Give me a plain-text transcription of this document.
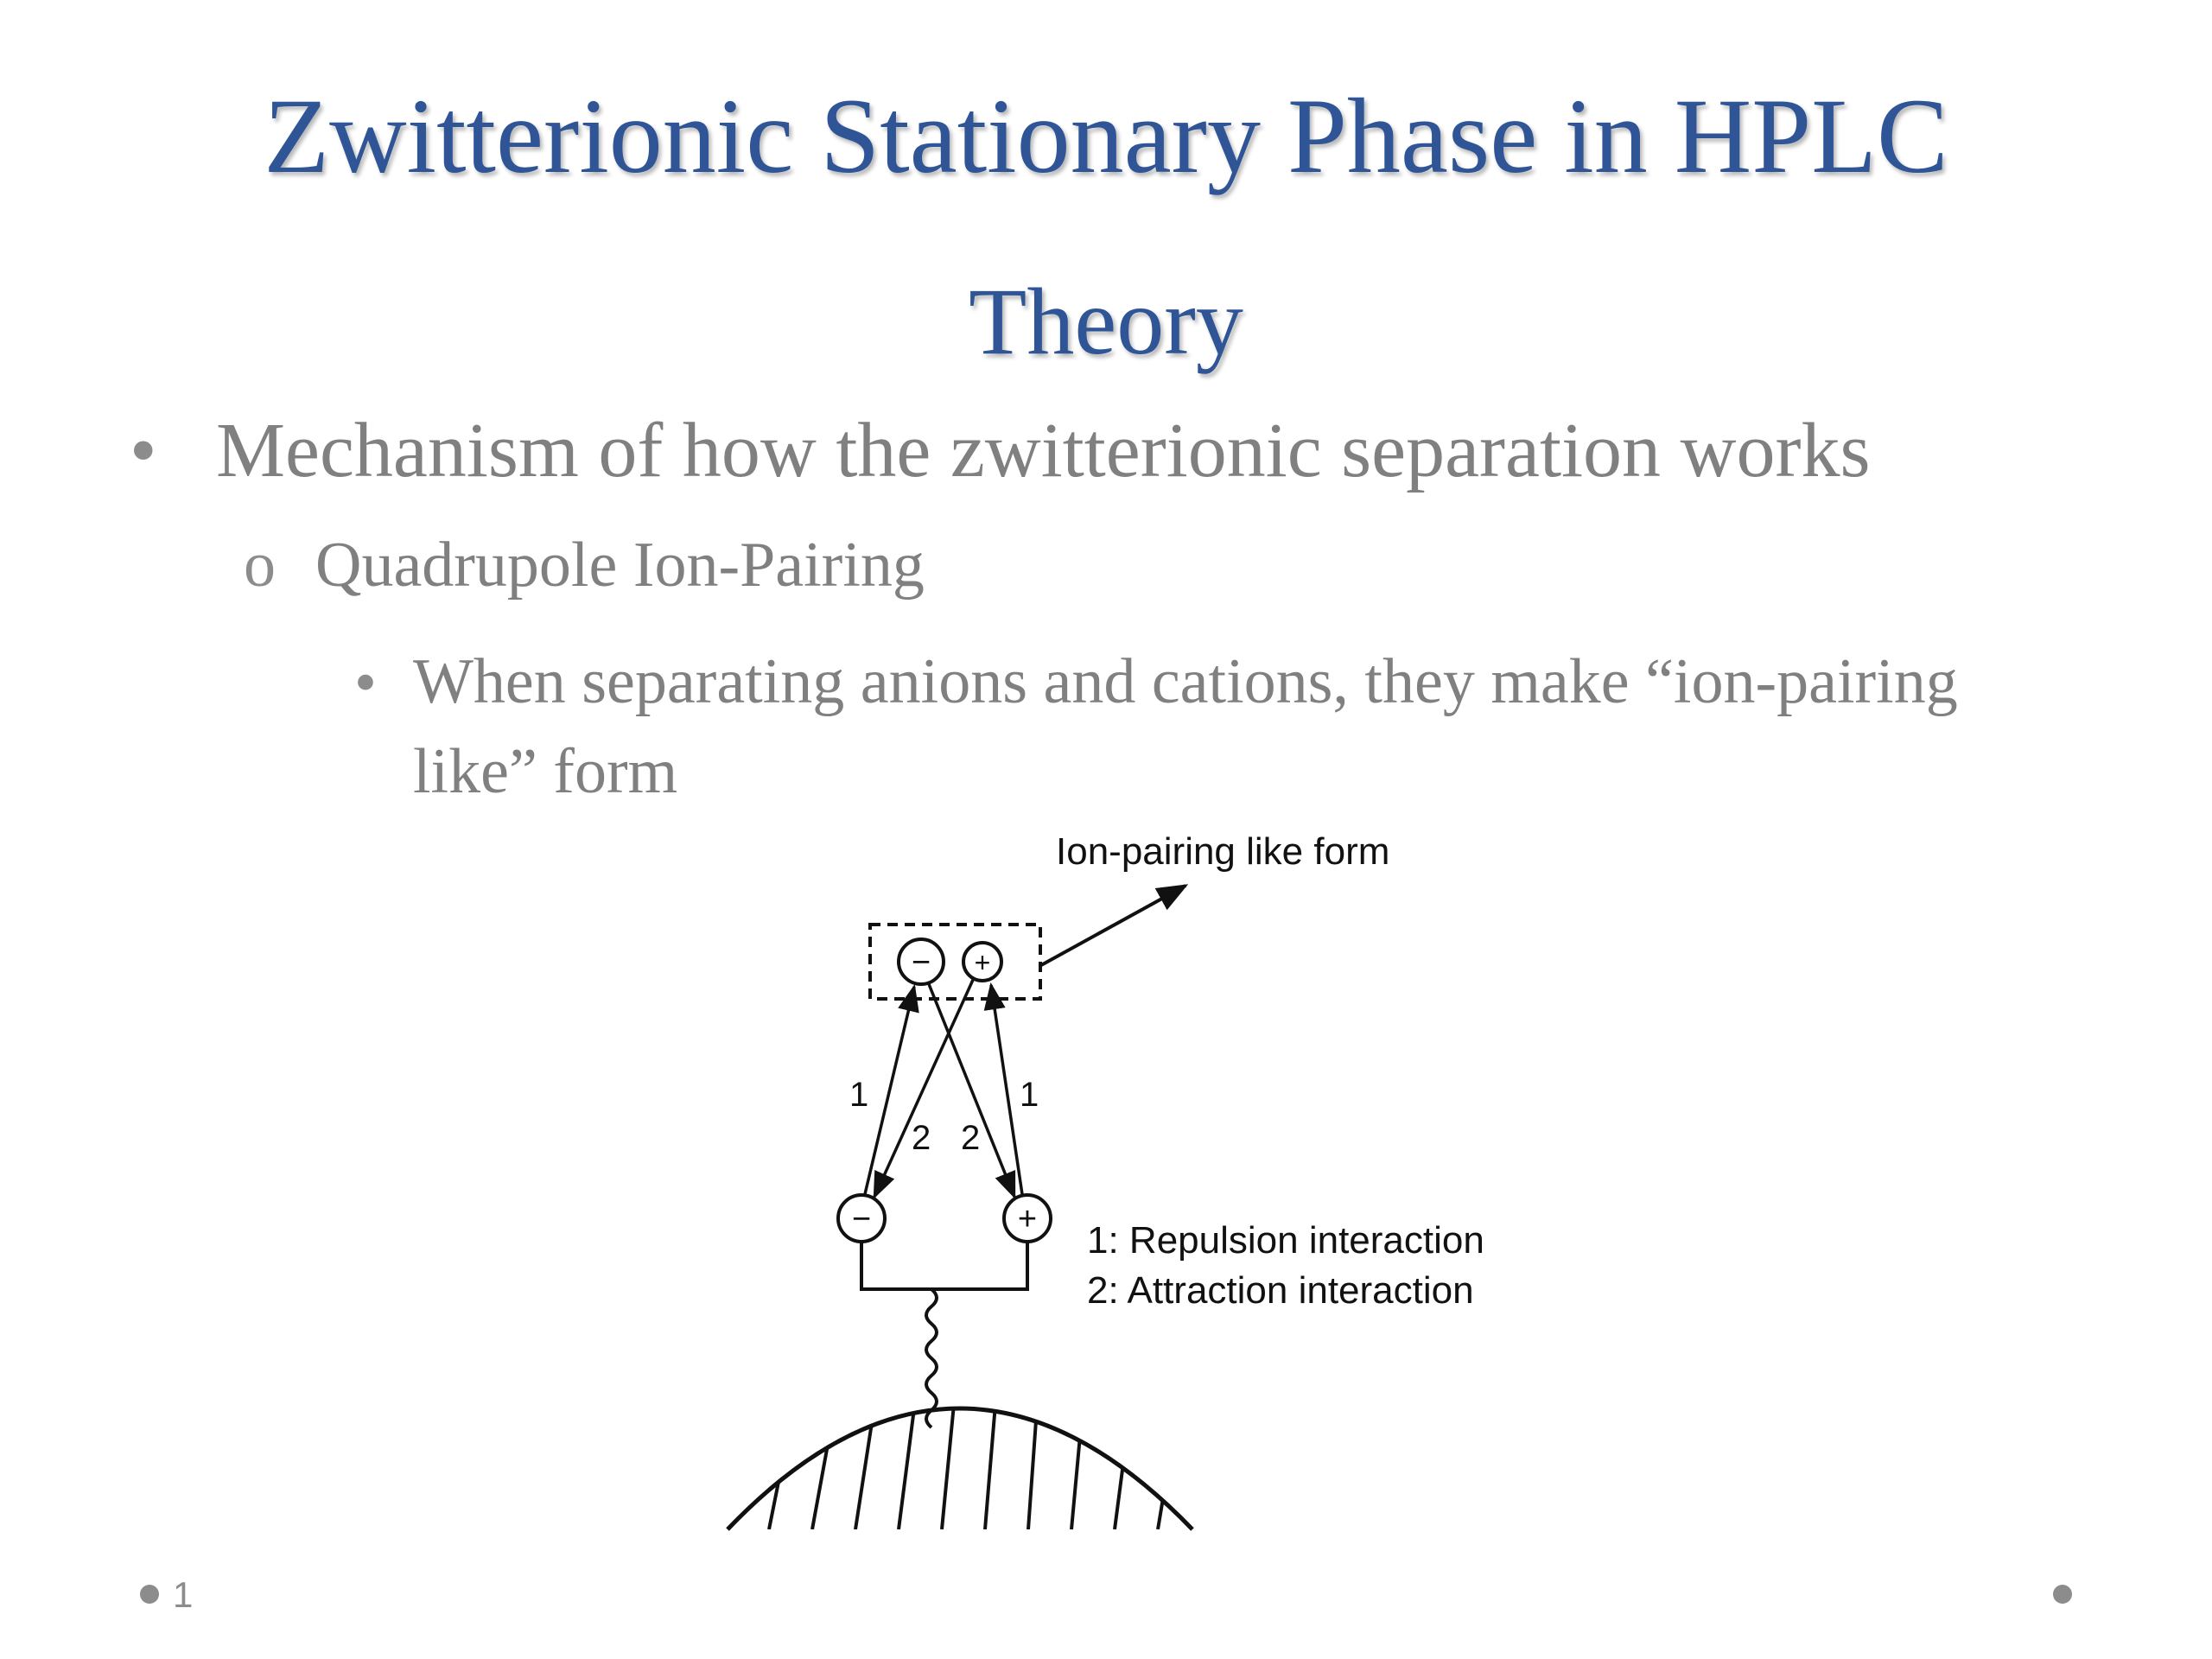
Zwitterionic Stationary Phase in HPLC
Theory
• Mechanism of how the zwitterionic separation works
o Quadrupole Ion-Pairing
• When separating anions and cations, they make “ion-pairing like” form
Ion-pairing like form
− +
−	+
1	1
2 2
1: Repulsion interaction
2: Attraction interaction
1
